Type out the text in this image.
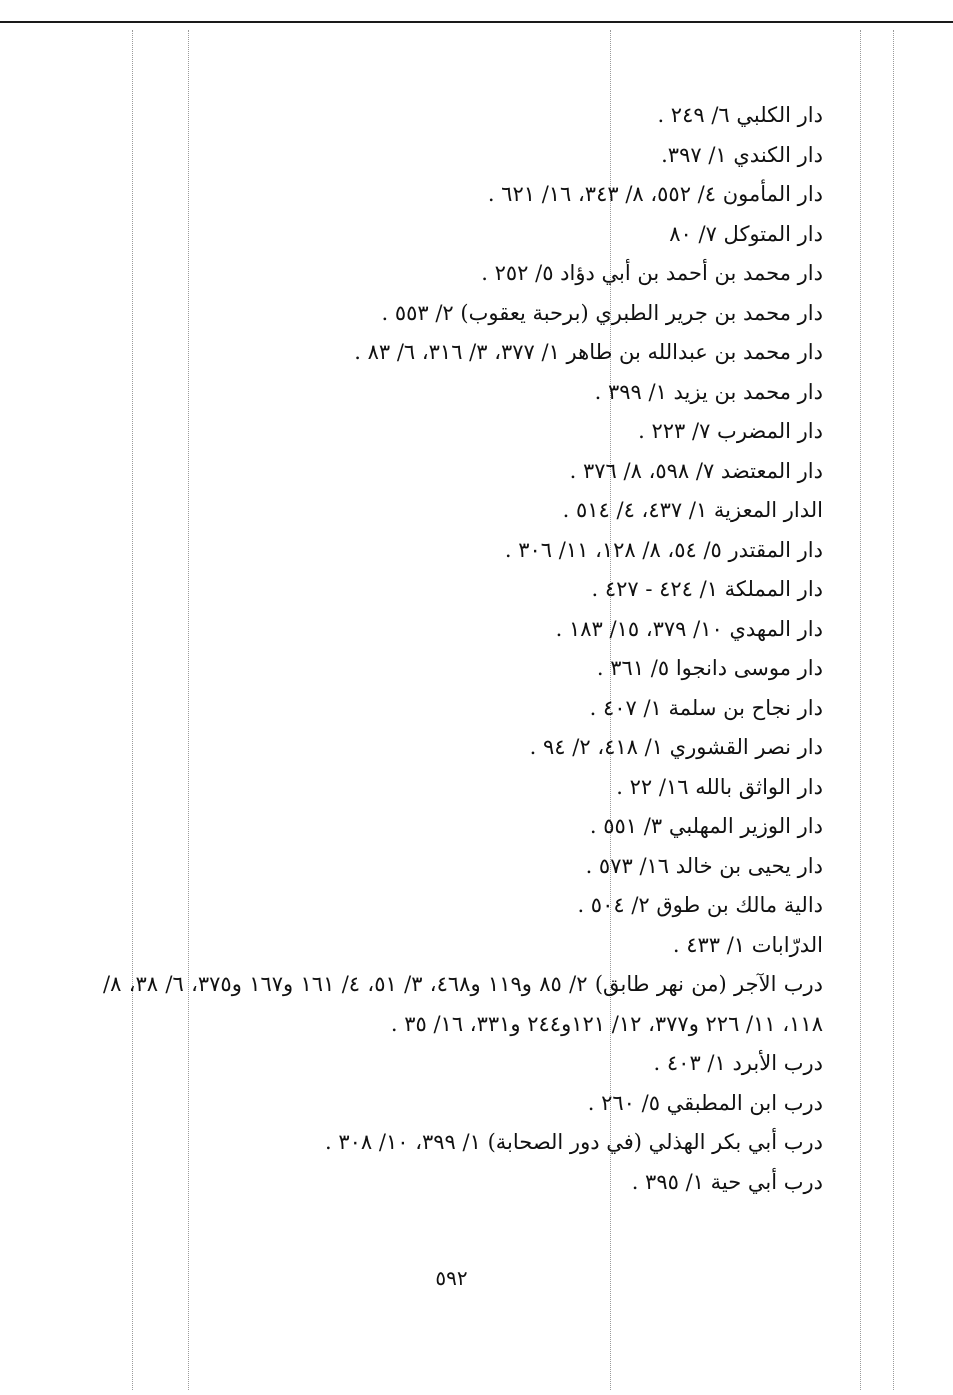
دار الكلبي ٦/ ٢٤٩ .
دار الكندي ١/ ٣٩٧.
دار المأمون ٤/ ٥٥٢، ٨/ ٣٤٣، ١٦/ ٦٢١ .
دار المتوكل ٧/ ٨٠
دار محمد بن أحمد بن أبي دؤاد ٥/ ٢٥٢ .
دار محمد بن جرير الطبري (برحبة يعقوب) ٢/ ٥٥٣ .
دار محمد بن عبدالله بن طاهر ١/ ٣٧٧، ٣/ ٣١٦، ٦/ ٨٣ .
دار محمد بن يزيد ١/ ٣٩٩ .
دار المضرب ٧/ ٢٢٣ .
دار المعتضد ٧/ ٥٩٨، ٨/ ٣٧٦ .
الدار المعزية ١/ ٤٣٧، ٤/ ٥١٤ .
دار المقتدر ٥/ ٥٤، ٨/ ١٢٨، ١١/ ٣٠٦ .
دار المملكة ١/ ٤٢٤ - ٤٢٧ .
دار المهدي ١٠/ ٣٧٩، ١٥/ ١٨٣ .
دار موسى دانجوا ٥/ ٣٦١ .
دار نجاح بن سلمة ١/ ٤٠٧ .
دار نصر القشوري ١/ ٤١٨، ٢/ ٩٤ .
دار الواثق بالله ١٦/ ٢٢ .
دار الوزير المهلبي ٣/ ٥٥١ .
دار يحيى بن خالد ١٦/ ٥٧٣ .
دالية مالك بن طوق ٢/ ٥٠٤ .
الدرّابات ١/ ٤٣٣ .
درب الآجر (من نهر طابق) ٢/ ٨٥ و١١٩ و٤٦٨، ٣/ ٥١، ٤/ ١٦١ و١٦٧ و٣٧٥، ٦/ ٣٨، ٨/ ١١٨، ١١/ ٢٢٦ و٣٧٧، ١٢/ ١٢١و٢٤٤ و٣٣١، ١٦/ ٣٥ .
درب الأبرد ١/ ٤٠٣ .
درب ابن المطبقي ٥/ ٢٦٠ .
درب أبي بكر الهذلي (في دور الصحابة) ١/ ٣٩٩، ١٠/ ٣٠٨ .
درب أبي حية ١/ ٣٩٥ .
٥٩٢
